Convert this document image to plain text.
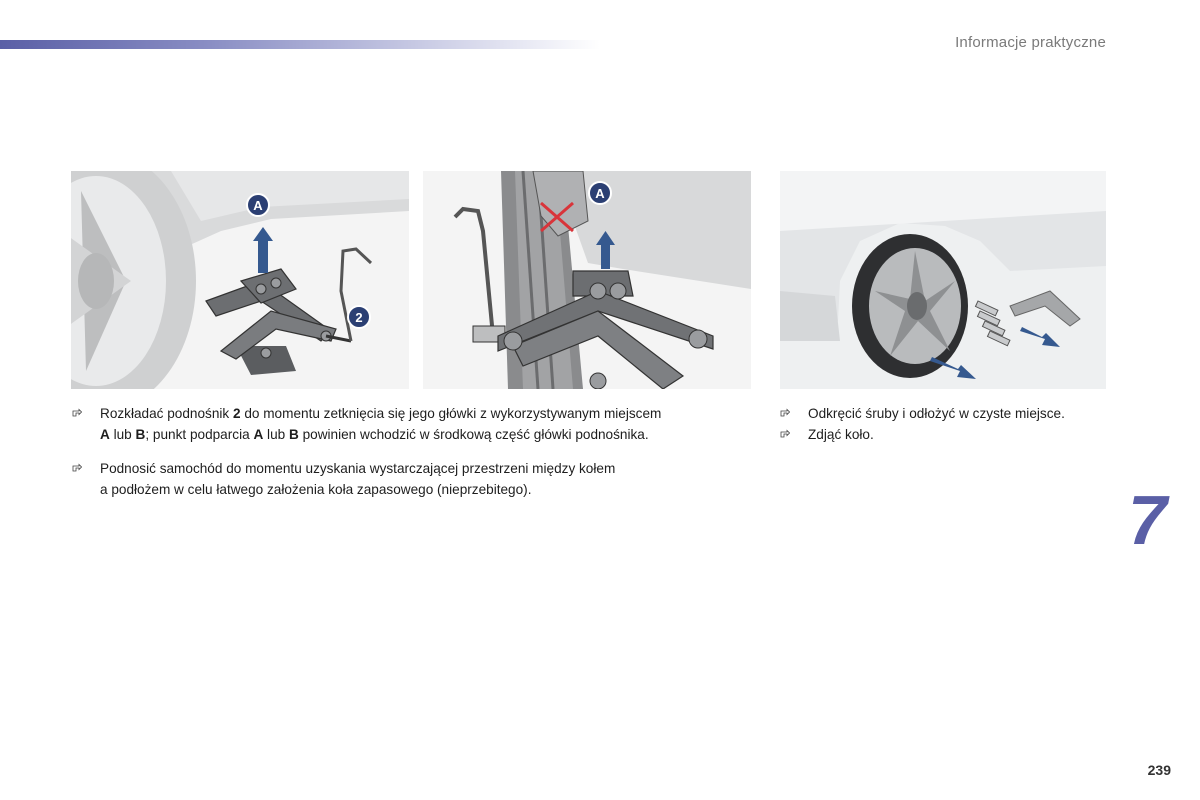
Informacje praktyczne
A
2
A
Rozkładać podnośnik 2 do momentu zetknięcia się jego główki z wykorzystywanym miejscem
A lub B; punkt podparcia A lub B powinien wchodzić w środkową część główki podnośnika.
Podnosić samochód do momentu uzyskania wystarczającej przestrzeni między kołem
a podłożem w celu łatwego założenia koła zapasowego (nieprzebitego).
Odkręcić śruby i odłożyć w czyste miejsce.
Zdjąć koło.
7
239
